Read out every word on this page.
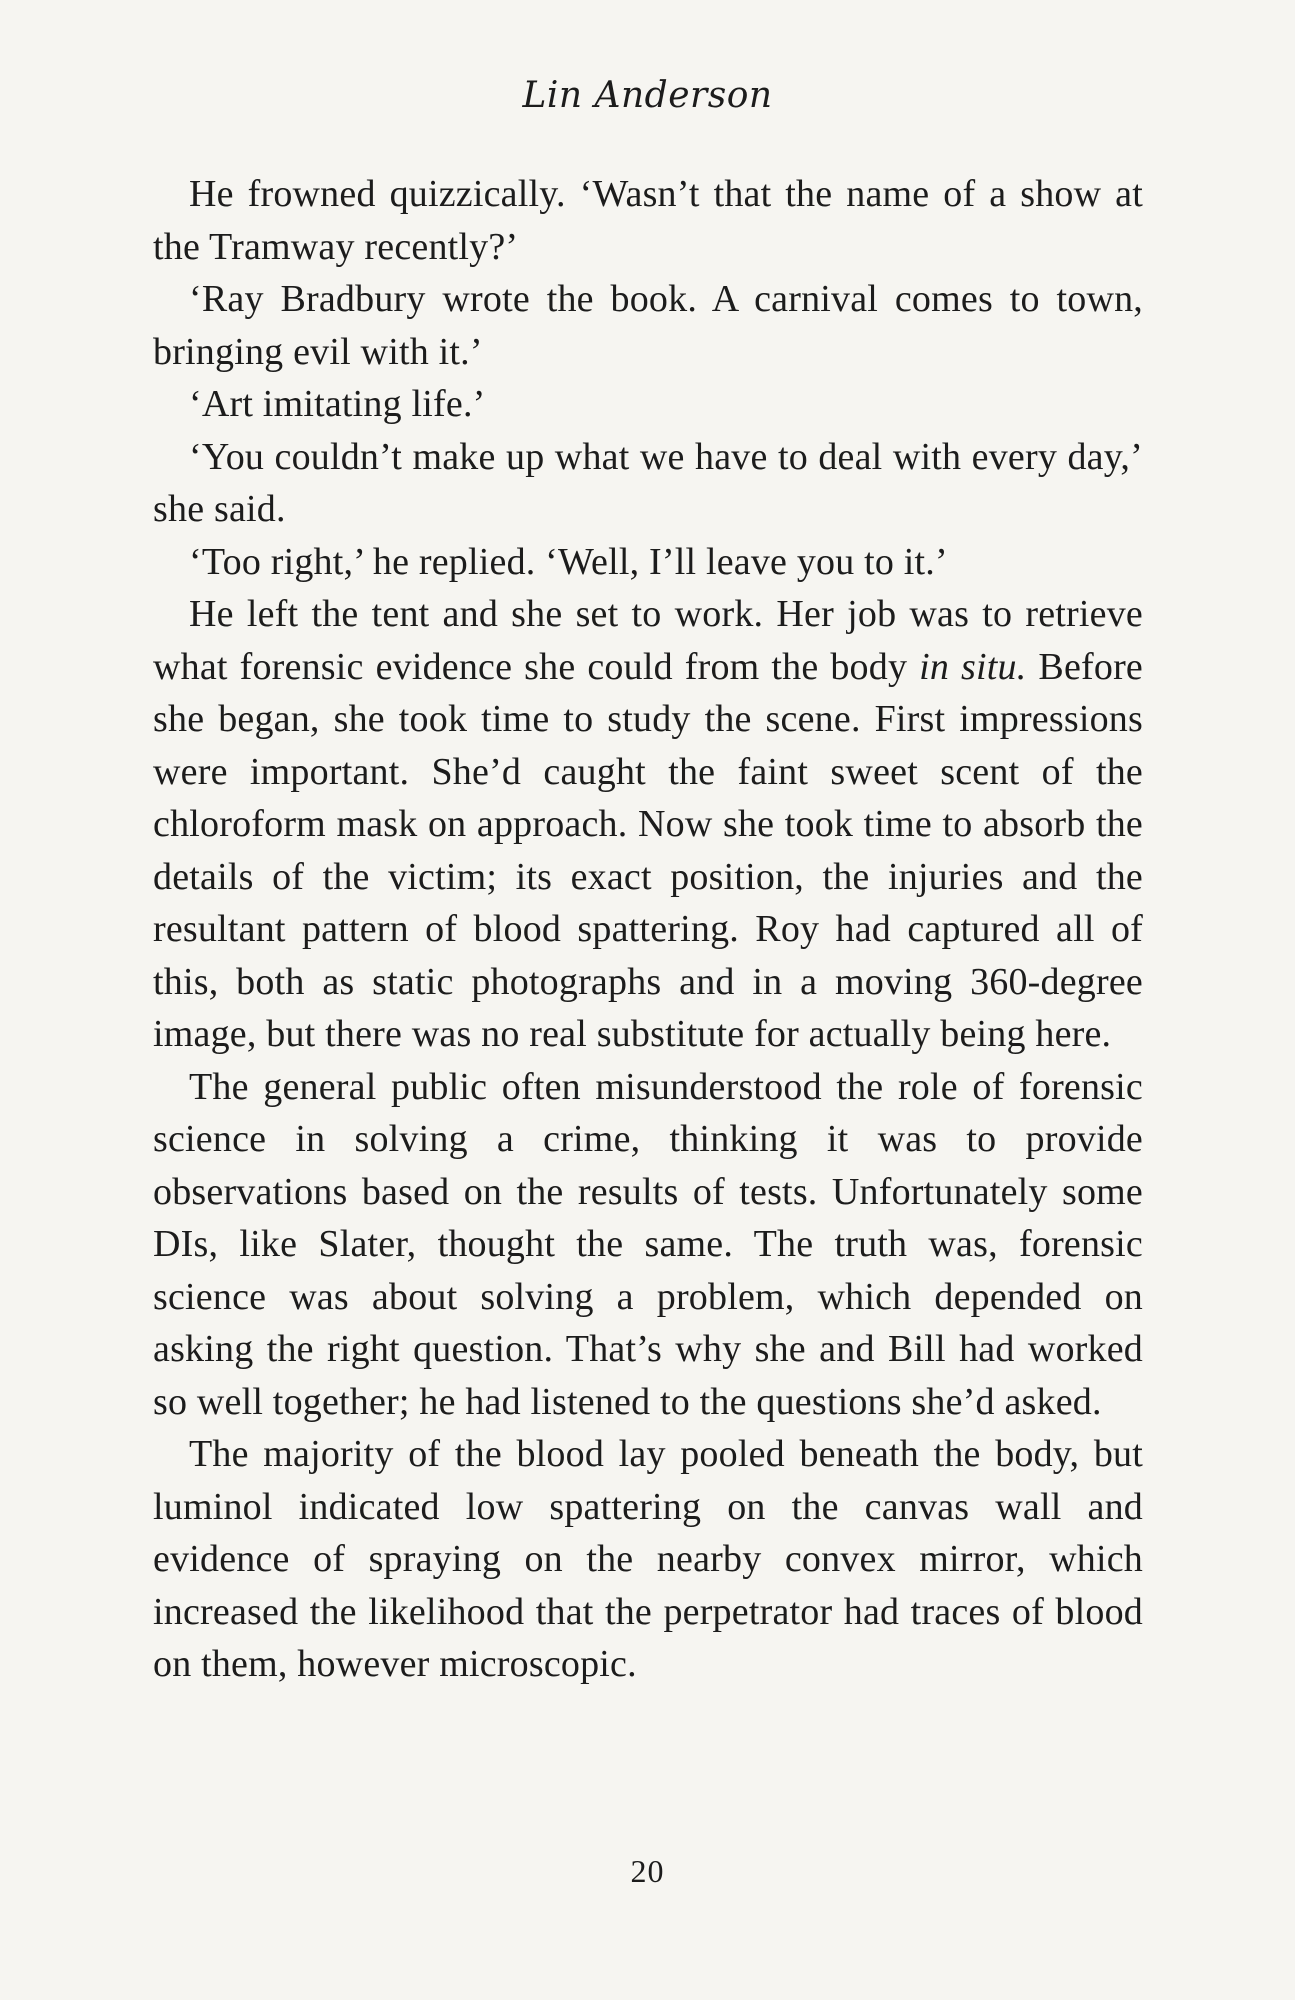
Lin Anderson

He frowned quizzically. ‘Wasn’t that the name of a show at the Tramway recently?’

‘Ray Bradbury wrote the book. A carnival comes to town, bringing evil with it.’

‘Art imitating life.’

‘You couldn’t make up what we have to deal with every day,’ she said.

‘Too right,’ he replied. ‘Well, I’ll leave you to it.’

He left the tent and she set to work. Her job was to retrieve what forensic evidence she could from the body in situ. Before she began, she took time to study the scene. First impressions were important. She’d caught the faint sweet scent of the chloroform mask on approach. Now she took time to absorb the details of the victim; its exact position, the injuries and the resultant pattern of blood spattering. Roy had captured all of this, both as static photographs and in a moving 360-degree image, but there was no real substitute for actually being here.

The general public often misunderstood the role of forensic science in solving a crime, thinking it was to provide observations based on the results of tests. Unfortunately some DIs, like Slater, thought the same. The truth was, forensic science was about solving a problem, which depended on asking the right question. That’s why she and Bill had worked so well together; he had listened to the questions she’d asked.

The majority of the blood lay pooled beneath the body, but luminol indicated low spattering on the canvas wall and evidence of spraying on the nearby convex mirror, which increased the likelihood that the perpetrator had traces of blood on them, however microscopic.

20
